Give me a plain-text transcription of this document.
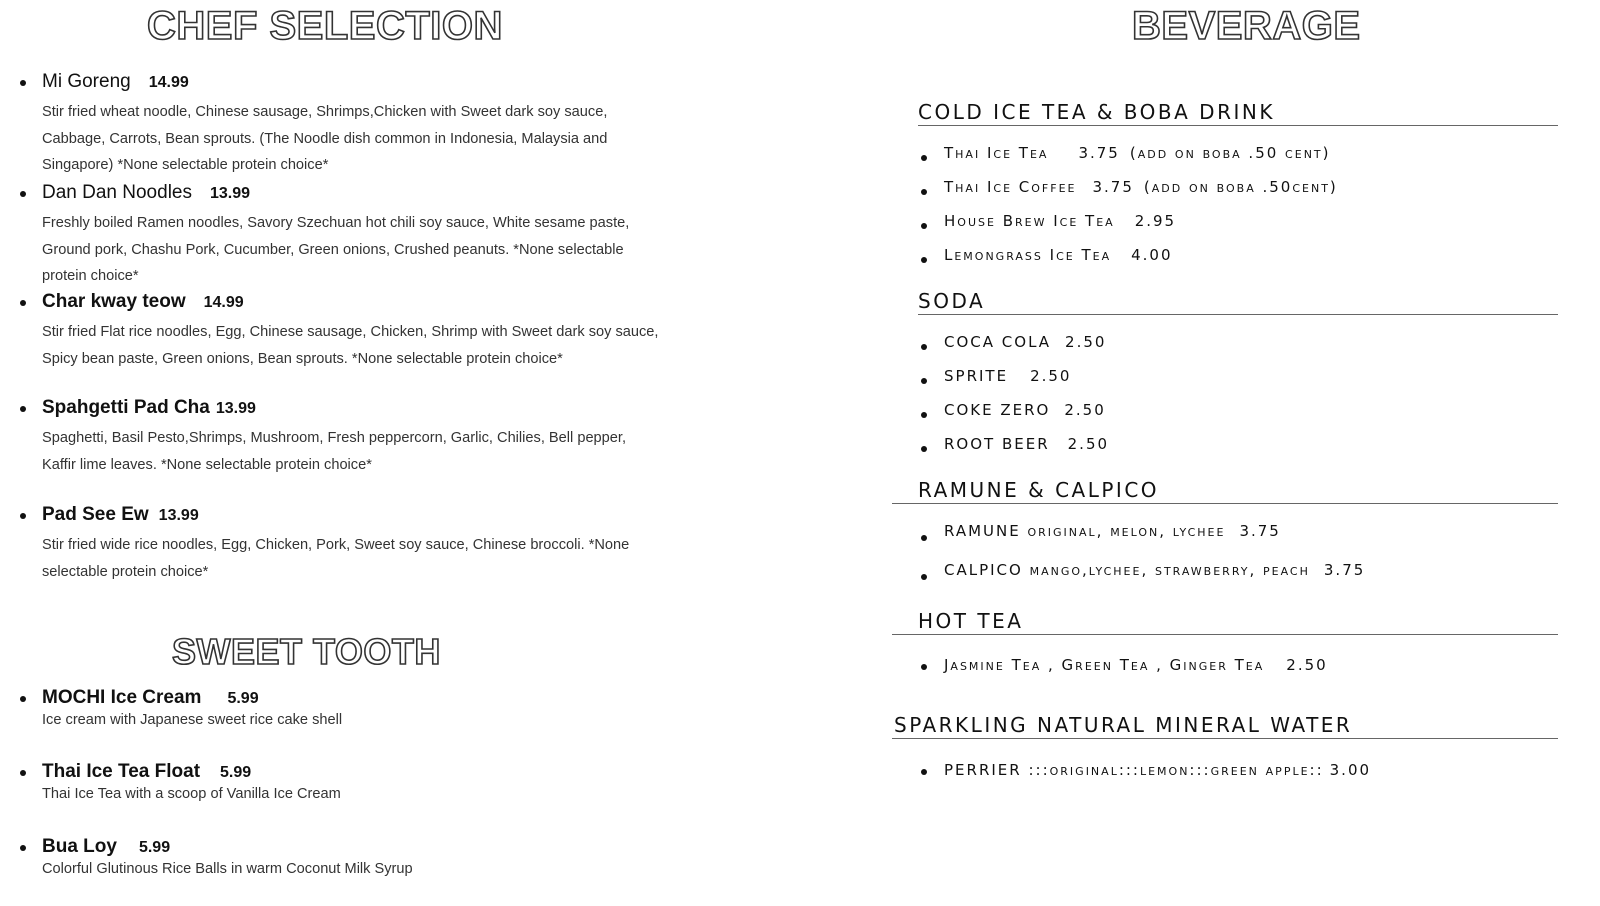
CHEF SELECTION
Mi Goreng 14.99
Stir fried wheat noodle, Chinese sausage, Shrimps,Chicken with Sweet dark soy sauce, Cabbage, Carrots, Bean sprouts. (The Noodle dish common in Indonesia, Malaysia and Singapore) *None selectable protein choice*
Dan Dan Noodles 13.99
Freshly boiled Ramen noodles, Savory Szechuan hot chili soy sauce, White sesame paste, Ground pork, Chashu Pork, Cucumber, Green onions, Crushed peanuts. *None selectable protein choice*
Char kway teow 14.99
Stir fried Flat rice noodles, Egg, Chinese sausage, Chicken, Shrimp with Sweet dark soy sauce, Spicy bean paste, Green onions, Bean sprouts. *None selectable protein choice*
Spahgetti Pad Cha 13.99
Spaghetti, Basil Pesto,Shrimps, Mushroom, Fresh peppercorn, Garlic, Chilies, Bell pepper, Kaffir lime leaves. *None selectable protein choice*
Pad See Ew 13.99
Stir fried wide rice noodles, Egg, Chicken, Pork, Sweet soy sauce, Chinese broccoli. *None selectable protein choice*
SWEET TOOTH
MOCHI Ice Cream 5.99
Ice cream with Japanese sweet rice cake shell
Thai Ice Tea Float 5.99
Thai Ice Tea with a scoop of Vanilla Ice Cream
Bua Loy 5.99
Colorful Glutinous Rice Balls in warm Coconut Milk Syrup
BEVERAGE
COLD ICE TEA & BOBA DRINK
Thai Ice Tea 3.75 (add on boba .50 cent)
Thai Ice Coffee 3.75 (add on boba .50cent)
House Brew Ice Tea 2.95
Lemongrass Ice Tea 4.00
SODA
COCA COLA 2.50
SPRITE 2.50
COKE ZERO 2.50
ROOT BEER 2.50
RAMUNE & CALPICO
RAMUNE original, melon, lychee 3.75
CALPICO mango,lychee, strawberry, peach 3.75
HOT TEA
Jasmine Tea , Green Tea , Ginger Tea 2.50
SPARKLING NATURAL MINERAL WATER
PERRIER :::original:::lemon:::green apple:: 3.00
